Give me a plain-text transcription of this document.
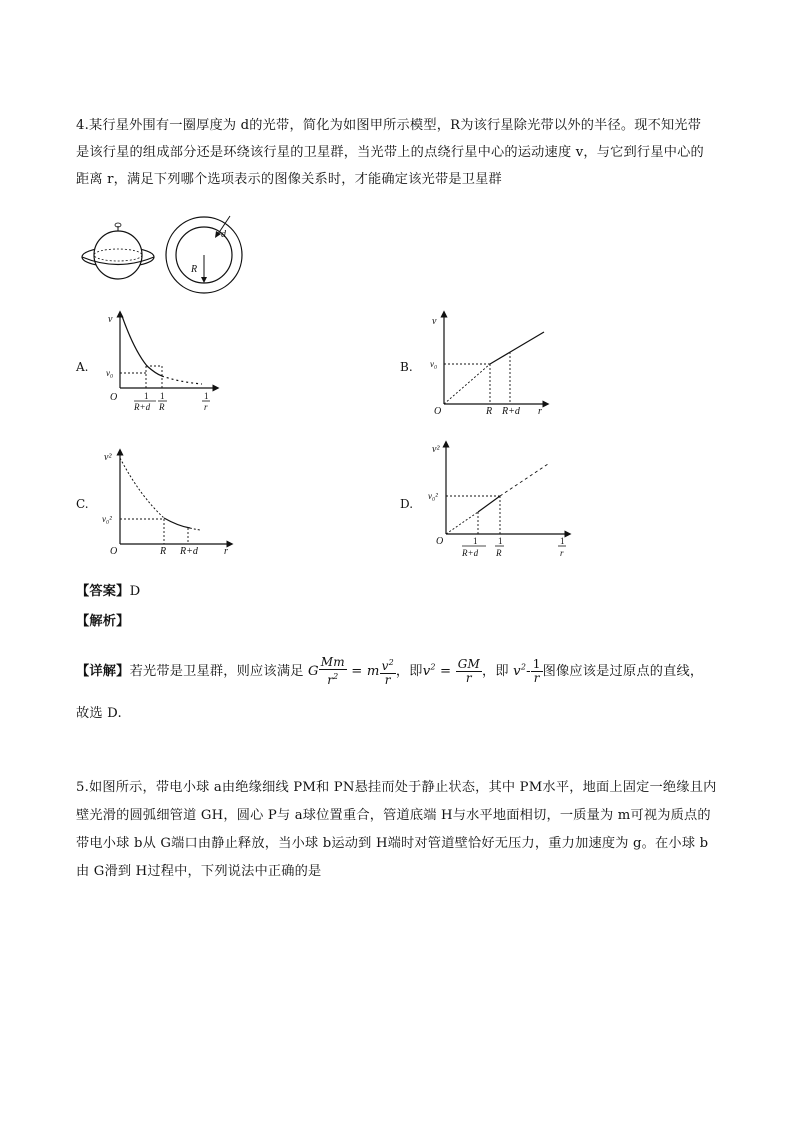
4.某行星外围有一圈厚度为 d的光带，简化为如图甲所示模型，R为该行星除光带以外的半径。现不知光带
是该行星的组成部分还是环绕该行星的卫星群，当光带上的点绕行星中心的运动速度 v，与它到行星中心的
距离 r，满足下列哪个选项表示的图像关系时，才能确定该光带是卫星群
d
R
A.	B.
C.	D.
v
v₀
O	1
R+d
1
R
1
r
v
v₀
O	R R+d r
v²
v₀²
O	R R+d	r
v²
v₀²
O	1
R+d
1
R
1
r
【答案】D
【解析】
【详解】若光带是卫星群，则应该满足 G $\frac{Mm}{r^2} = m \frac{v^2}{r}$ ，即$v^2 = \frac{GM}{r}$ ，即 $v^2- \frac{1}{r}$ 图像应该是过原点的直线，
故选 D.
5.如图所示，带电小球 a由绝缘细线 PM和 PN悬挂而处于静止状态，其中 PM水平，地面上固定一绝缘且内
壁光滑的圆弧细管道 GH，圆心 P与 a球位置重合，管道底端 H与水平地面相切，一质量为 m可视为质点的
带电小球 b从 G端口由静止释放，当小球 b运动到 H端时对管道壁恰好无压力，重力加速度为 g。在小球 b
由 G滑到 H过程中，下列说法中正确的是
